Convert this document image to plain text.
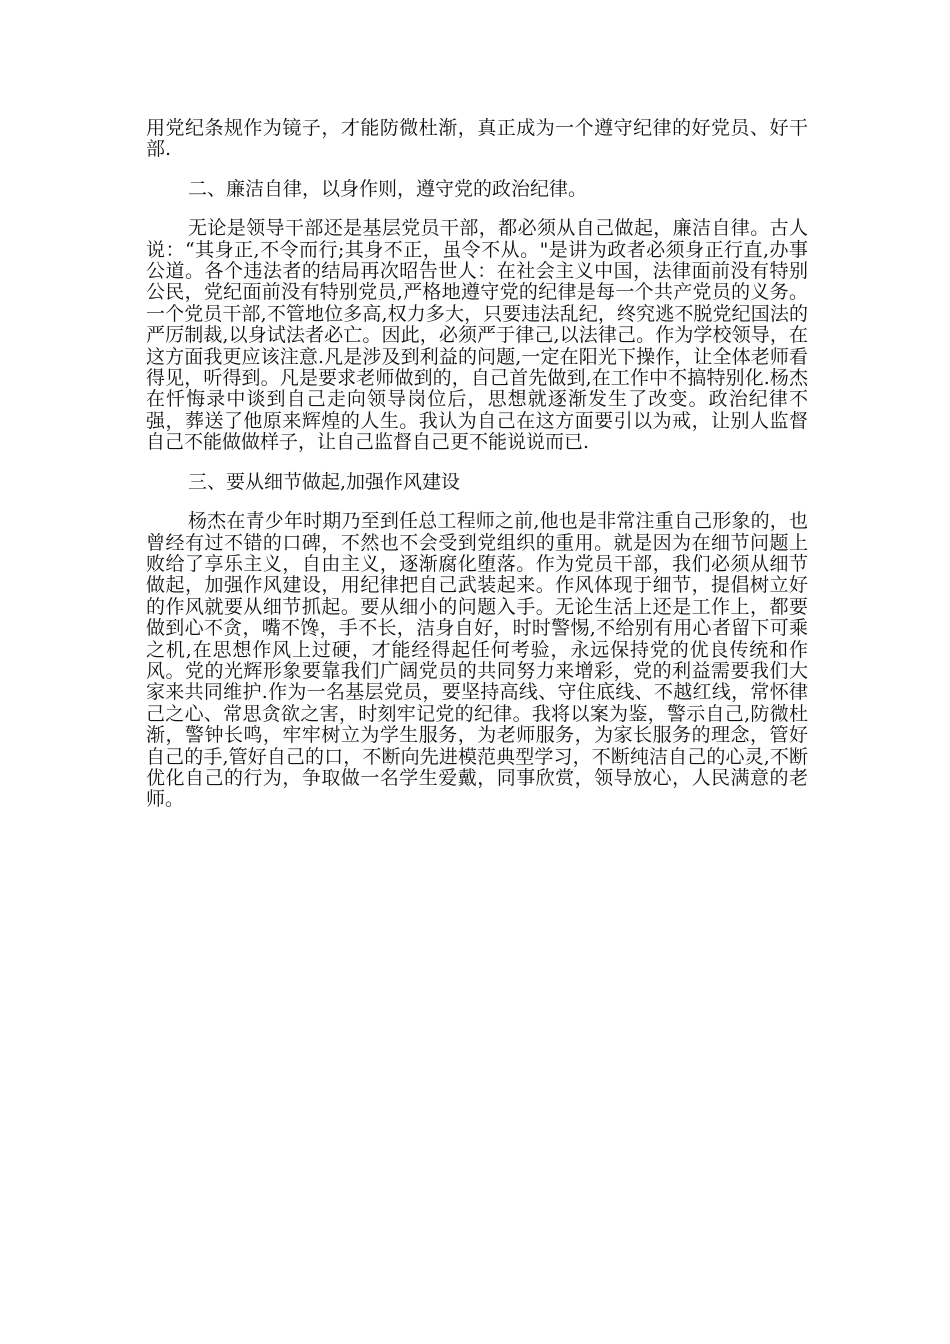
用党纪条规作为镜子，才能防微杜渐，真正成为一个遵守纪律的好党员、好干部.

二、廉洁自律，以身作则，遵守党的政治纪律。

无论是领导干部还是基层党员干部，都必须从自己做起，廉洁自律。古人说：“其身正,不令而行;其身不正，虽令不从。"是讲为政者必须身正行直,办事公道。各个违法者的结局再次昭告世人：在社会主义中国，法律面前没有特别公民，党纪面前没有特别党员,严格地遵守党的纪律是每一个共产党员的义务。一个党员干部,不管地位多高,权力多大，只要违法乱纪，终究逃不脱党纪国法的严厉制裁,以身试法者必亡。因此，必须严于律己,以法律己。作为学校领导，在这方面我更应该注意.凡是涉及到利益的问题,一定在阳光下操作，让全体老师看得见，听得到。凡是要求老师做到的，自己首先做到,在工作中不搞特别化.杨杰在忏悔录中谈到自己走向领导岗位后，思想就逐渐发生了改变。政治纪律不强，葬送了他原来辉煌的人生。我认为自己在这方面要引以为戒，让别人监督自己不能做做样子，让自己监督自己更不能说说而已.

三、要从细节做起,加强作风建设

杨杰在青少年时期乃至到任总工程师之前,他也是非常注重自己形象的，也曾经有过不错的口碑，不然也不会受到党组织的重用。就是因为在细节问题上败给了享乐主义，自由主义，逐渐腐化堕落。作为党员干部，我们必须从细节做起，加强作风建设，用纪律把自己武装起来。作风体现于细节，提倡树立好的作风就要从细节抓起。要从细小的问题入手。无论生活上还是工作上，都要做到心不贪，嘴不馋，手不长，洁身自好，时时警惕,不给别有用心者留下可乘之机,在思想作风上过硬，才能经得起任何考验，永远保持党的优良传统和作风。党的光辉形象要靠我们广阔党员的共同努力来增彩，党的利益需要我们大家来共同维护.作为一名基层党员，要坚持高线、守住底线、不越红线，常怀律己之心、常思贪欲之害，时刻牢记党的纪律。我将以案为鉴，警示自己,防微杜渐，警钟长鸣，牢牢树立为学生服务，为老师服务，为家长服务的理念，管好自己的手,管好自己的口，不断向先进模范典型学习，不断纯洁自己的心灵,不断优化自己的行为，争取做一名学生爱戴，同事欣赏，领导放心，人民满意的老师。
